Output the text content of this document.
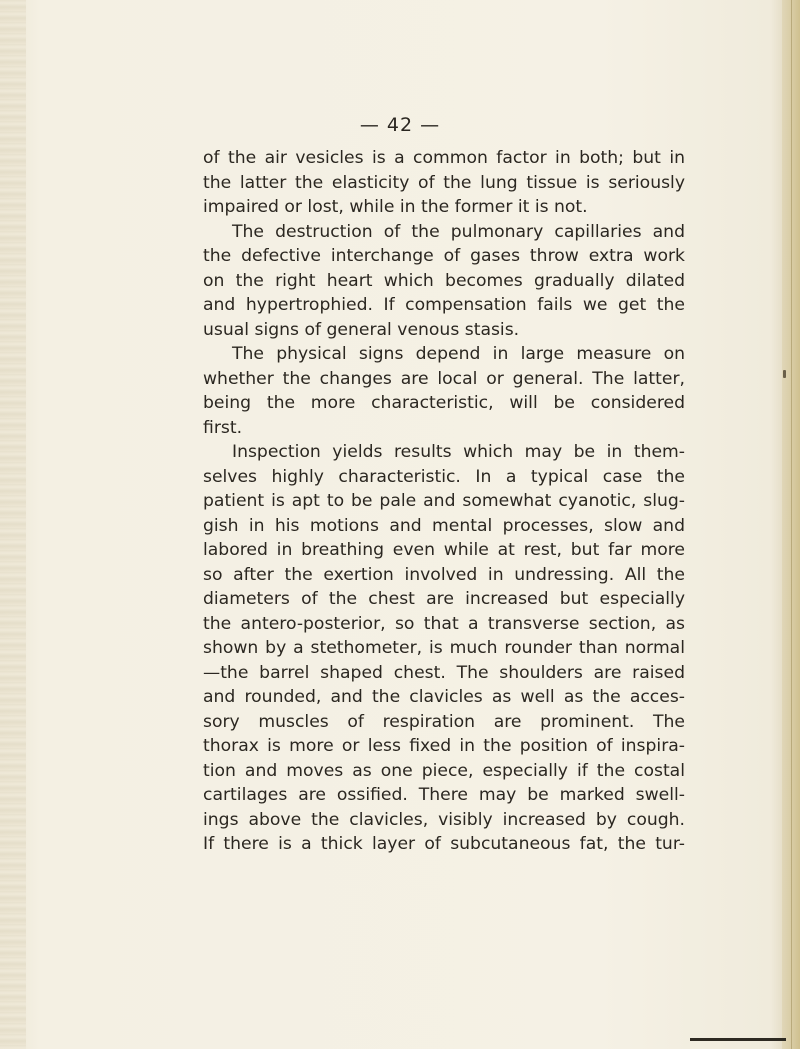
— 42 —
of the air vesicles is a common factor in both; but in
the latter the elasticity of the lung tissue is seriously
impaired or lost, while in the former it is not.
The destruction of the pulmonary capillaries and
the defective interchange of gases throw extra work
on the right heart which becomes gradually dilated
and hypertrophied. If compensation fails we get the
usual signs of general venous stasis.
The physical signs depend in large measure on
whether the changes are local or general. The latter,
being the more characteristic, will be considered
first.
Inspection yields results which may be in them-
selves highly characteristic. In a typical case the
patient is apt to be pale and somewhat cyanotic, slug-
gish in his motions and mental processes, slow and
labored in breathing even while at rest, but far more
so after the exertion involved in undressing. All the
diameters of the chest are increased but especially
the antero-posterior, so that a transverse section, as
shown by a stethometer, is much rounder than normal
—the barrel shaped chest. The shoulders are raised
and rounded, and the clavicles as well as the acces-
sory muscles of respiration are prominent. The
thorax is more or less fixed in the position of inspira-
tion and moves as one piece, especially if the costal
cartilages are ossified. There may be marked swell-
ings above the clavicles, visibly increased by cough.
If there is a thick layer of subcutaneous fat, the tur-
